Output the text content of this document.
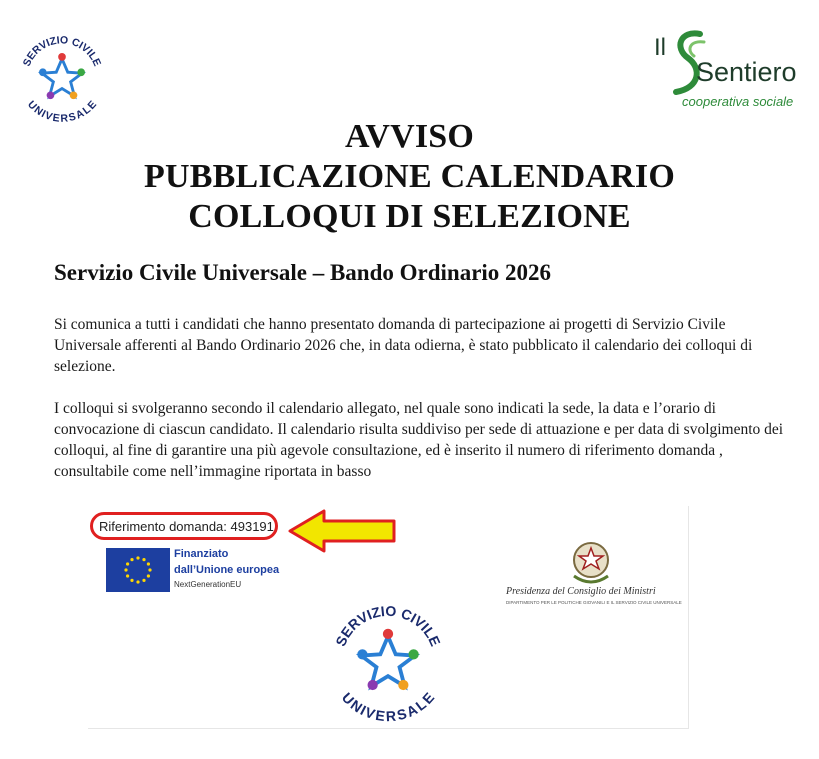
SERVIZIO CIVILE
UNIVERSALE
Il
Sentiero
cooperativa sociale
AVVISO
PUBBLICAZIONE CALENDARIO
COLLOQUI DI SELEZIONE
Servizio Civile Universale – Bando Ordinario 2026
Si comunica a tutti i candidati che hanno presentato domanda di partecipazione ai progetti di Servizio Civile Universale afferenti al Bando Ordinario 2026 che, in data odierna, è stato pubblicato il calendario dei colloqui di selezione.
I colloqui si svolgeranno secondo il calendario allegato, nel quale sono indicati la sede, la data e l’orario di convocazione di ciascun candidato. Il calendario risulta suddiviso per sede di attuazione e per data di svolgimento dei colloqui, al fine di garantire una più agevole consultazione, ed è inserito il numero di riferimento domanda , consultabile come nell’immagine riportata in basso
Riferimento domanda: 493191
Finanziato
dall’Unione europea
NextGenerationEU
Presidenza del Consiglio dei Ministri
DIPARTIMENTO PER LE POLITICHE GIOVANILI E IL SERVIZIO CIVILE UNIVERSALE
SERVIZIO CIVILE
UNIVERSALE
